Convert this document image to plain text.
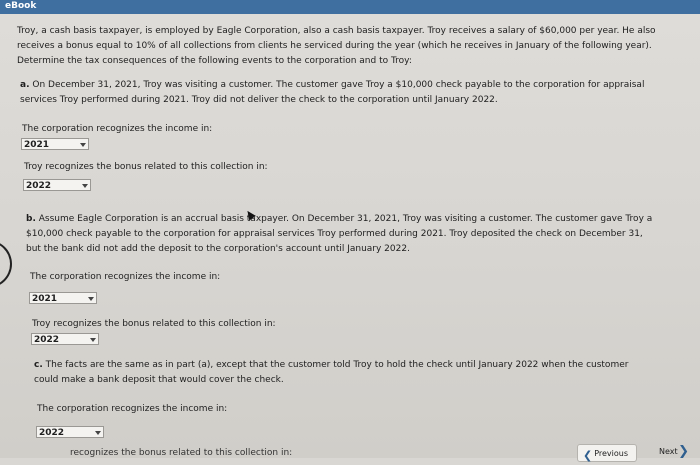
eBook
Troy, a cash basis taxpayer, is employed by Eagle Corporation, also a cash basis taxpayer. Troy receives a salary of $60,000 per year. He also receives a bonus equal to 10% of all collections from clients he serviced during the year (which he receives in January of the following year). Determine the tax consequences of the following events to the corporation and to Troy:
a. On December 31, 2021, Troy was visiting a customer. The customer gave Troy a $10,000 check payable to the corporation for appraisal services Troy performed during 2021. Troy did not deliver the check to the corporation until January 2022.
The corporation recognizes the income in:
2021
Troy recognizes the bonus related to this collection in:
2022
b. Assume Eagle Corporation is an accrual basis taxpayer. On December 31, 2021, Troy was visiting a customer. The customer gave Troy a $10,000 check payable to the corporation for appraisal services Troy performed during 2021. Troy deposited the check on December 31, but the bank did not add the deposit to the corporation's account until January 2022.
The corporation recognizes the income in:
2021
Troy recognizes the bonus related to this collection in:
2022
c. The facts are the same as in part (a), except that the customer told Troy to hold the check until January 2022 when the customer could make a bank deposit that would cover the check.
The corporation recognizes the income in:
2022
recognizes the bonus related to this collection in:	❮ Previous	Next ❯
